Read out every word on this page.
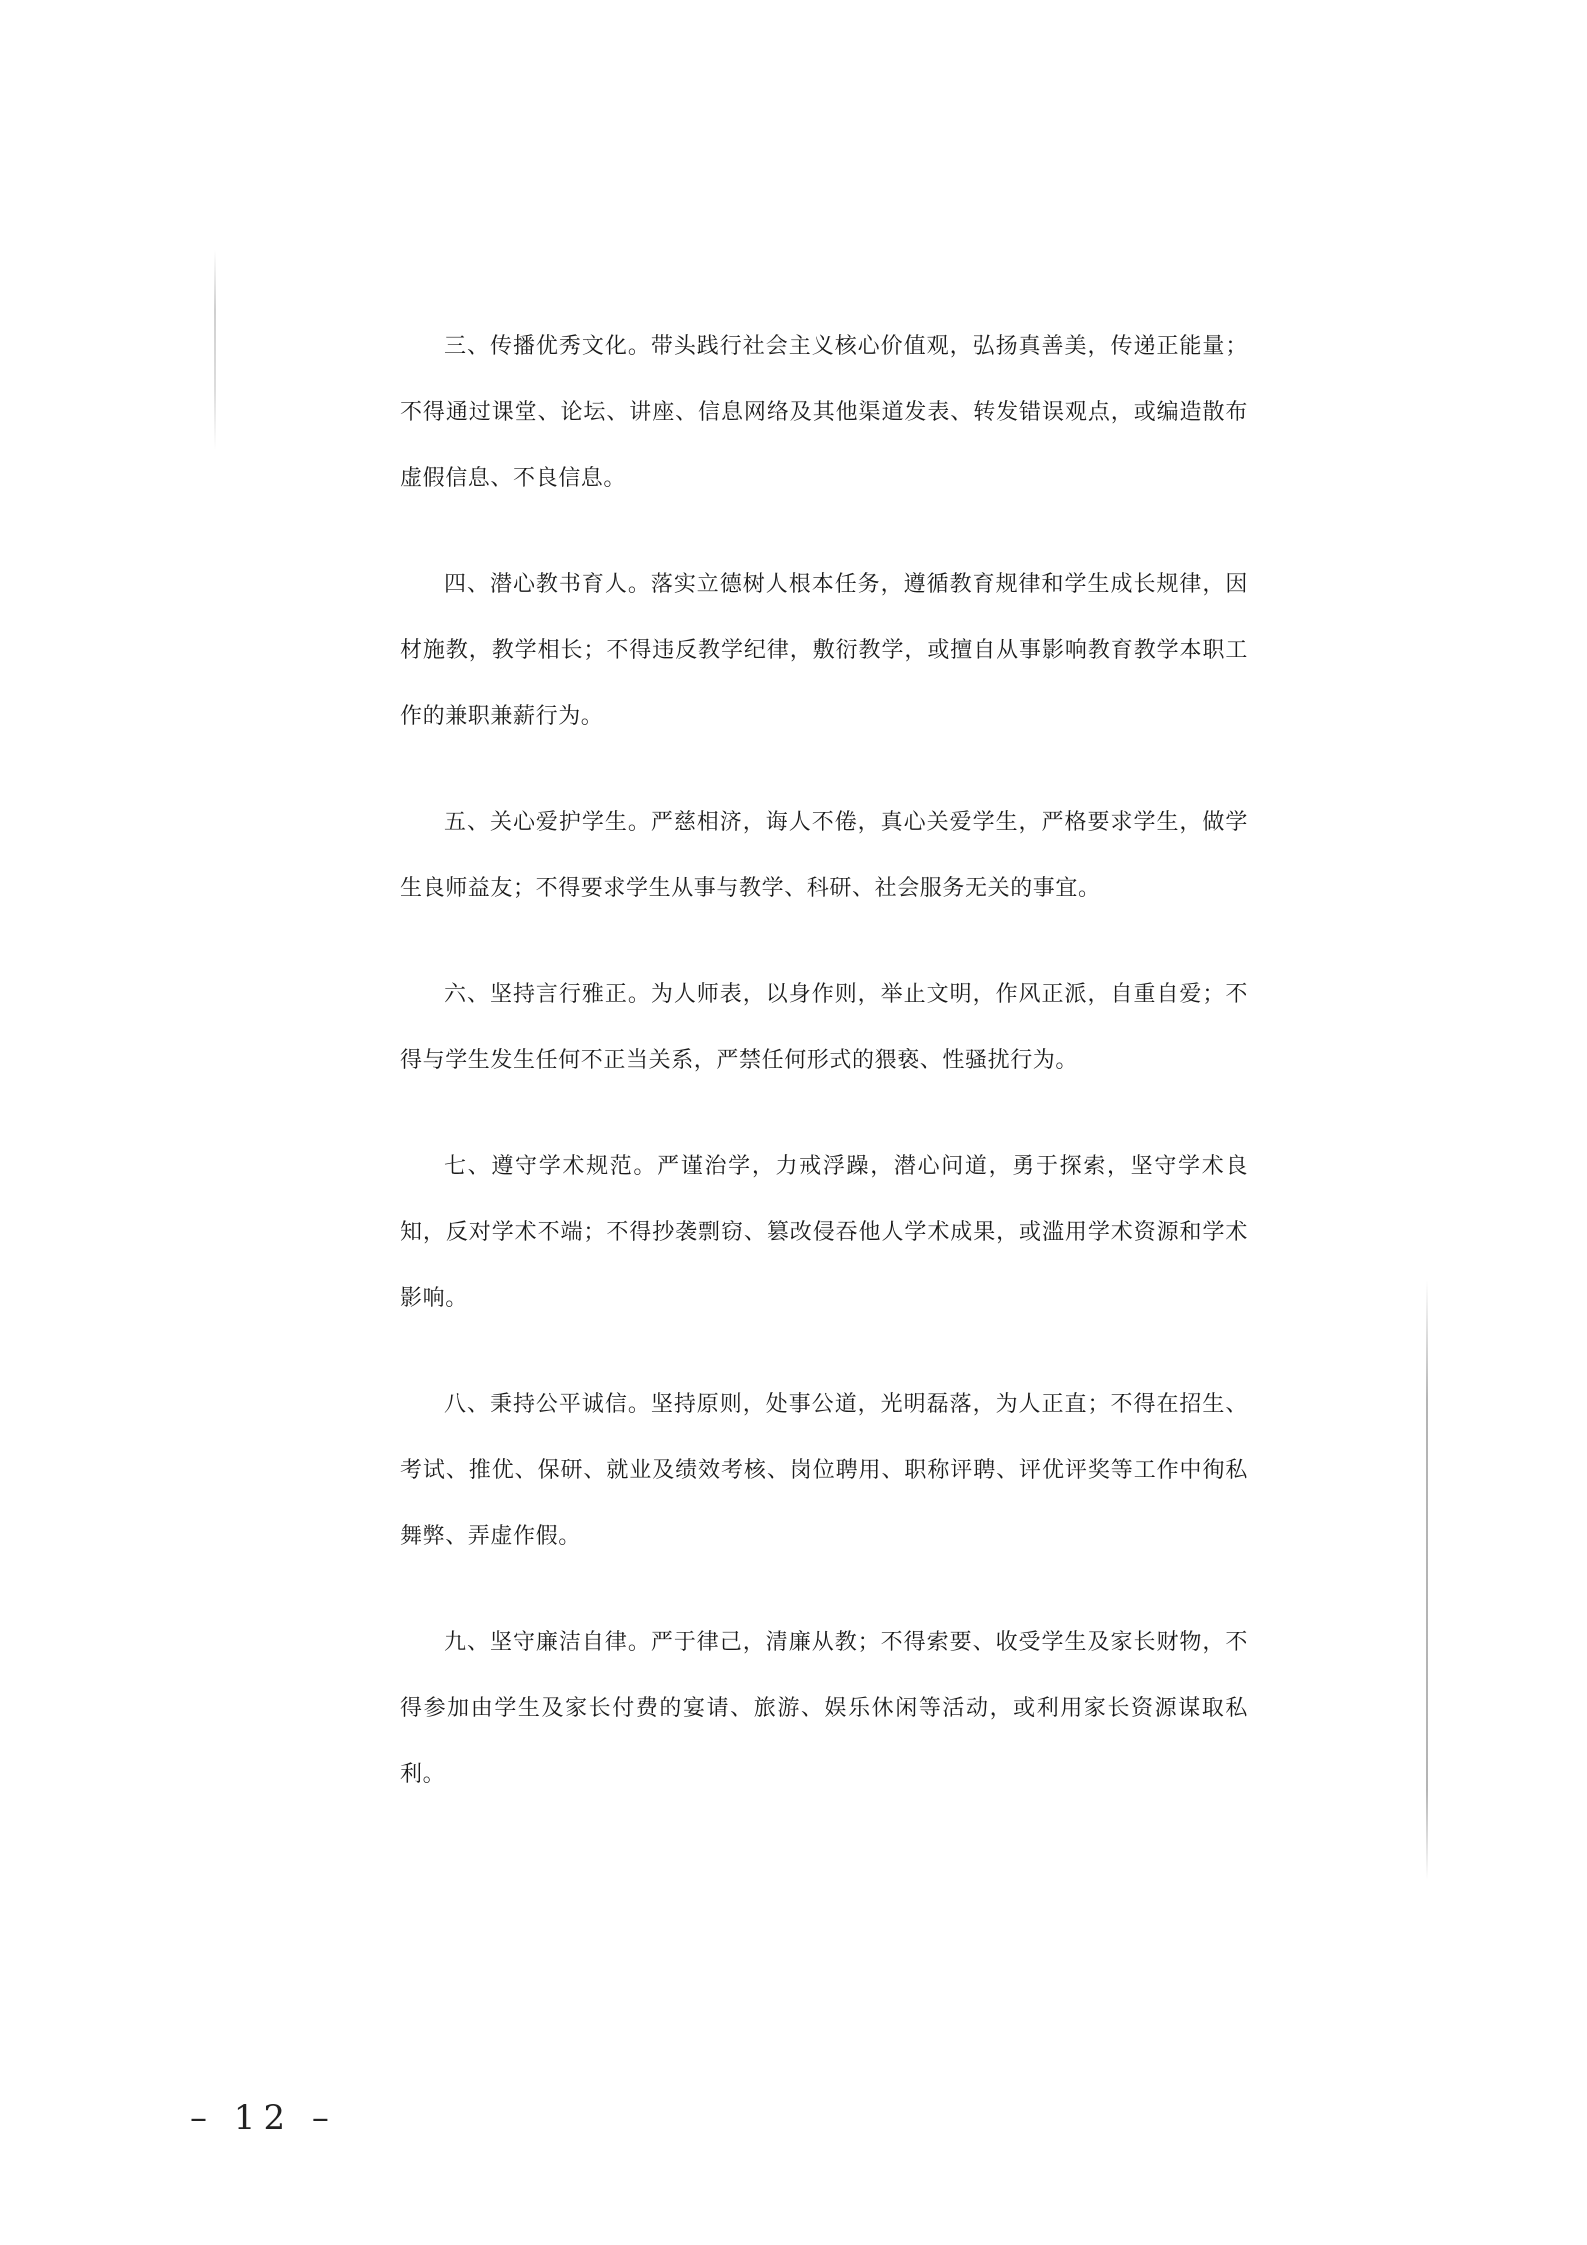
三、传播优秀文化。带头践行社会主义核心价值观，弘扬真善美，传递正能量；不得通过课堂、论坛、讲座、信息网络及其他渠道发表、转发错误观点，或编造散布虚假信息、不良信息。

四、潜心教书育人。落实立德树人根本任务，遵循教育规律和学生成长规律，因材施教，教学相长；不得违反教学纪律，敷衍教学，或擅自从事影响教育教学本职工作的兼职兼薪行为。

五、关心爱护学生。严慈相济，诲人不倦，真心关爱学生，严格要求学生，做学生良师益友；不得要求学生从事与教学、科研、社会服务无关的事宜。

六、坚持言行雅正。为人师表，以身作则，举止文明，作风正派，自重自爱；不得与学生发生任何不正当关系，严禁任何形式的猥亵、性骚扰行为。

七、遵守学术规范。严谨治学，力戒浮躁，潜心问道，勇于探索，坚守学术良知，反对学术不端；不得抄袭剽窃、篡改侵吞他人学术成果，或滥用学术资源和学术影响。

八、秉持公平诚信。坚持原则，处事公道，光明磊落，为人正直；不得在招生、考试、推优、保研、就业及绩效考核、岗位聘用、职称评聘、评优评奖等工作中徇私舞弊、弄虚作假。

九、坚守廉洁自律。严于律己，清廉从教；不得索要、收受学生及家长财物，不得参加由学生及家长付费的宴请、旅游、娱乐休闲等活动，或利用家长资源谋取私利。

– 12 –
